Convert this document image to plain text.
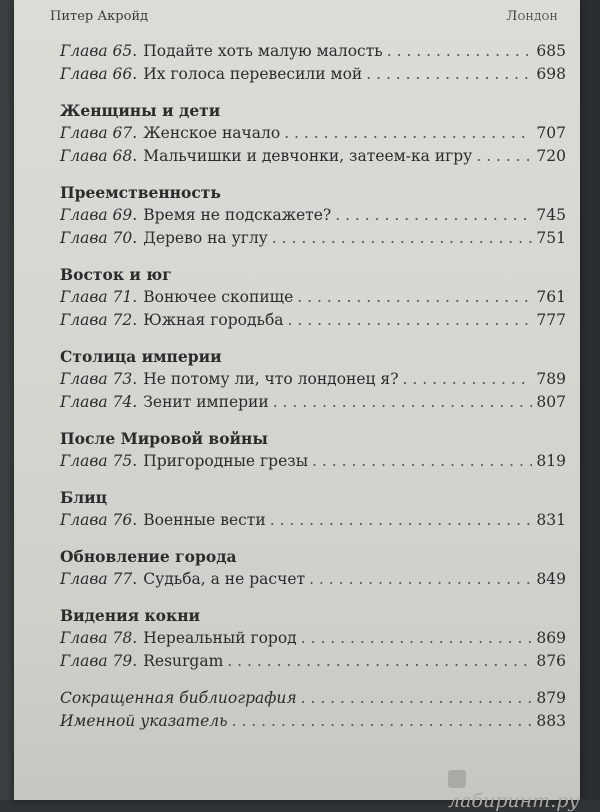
Питер Акройд	Лондон
Глава 65 . Подайте хоть малую малость . . .	685
Глава 66 . Их голоса перевесили мой . . .	698
Женщины и дети
Глава 67 . Женское начало . . .	707
Глава 68 . Мальчишки и девчонки, затеем-ка игру . . .	720
Преемственность
Глава 69 . Время не подскажете? . . .	745
Глава 70 . Дерево на углу . . .	751
Восток и юг
Глава 71 . Вонючее скопище . . .	761
Глава 72 . Южная городьба . . .	777
Столица империи
Глава 73 . Не потому ли, что лондонец я? . . .	789
Глава 74 . Зенит империи . . .	807
После Мировой войны
Глава 75 . Пригородные грезы . . .	819
Блиц
Глава 76 . Военные вести . . .	831
Обновление города
Глава 77 . Судьба, а не расчет . . .	849
Видения кокни
Глава 78 . Нереальный город . . .	869
Глава 79 . Resurgam . . .	876
Сокращенная библиография . . .	879
Именной указатель . . .	883
лабиринт.ру
